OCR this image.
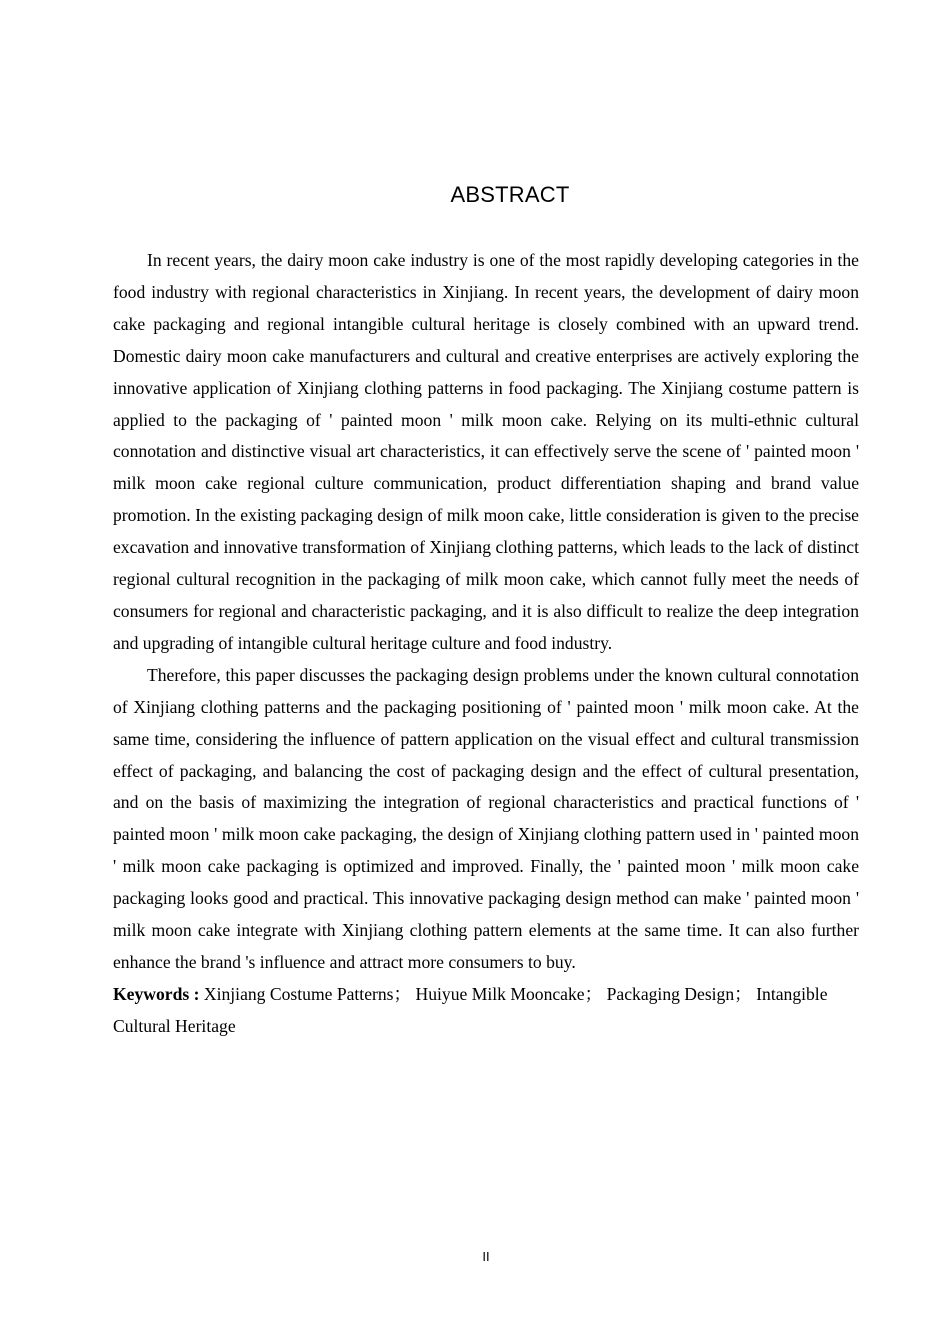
ABSTRACT

In recent years, the dairy moon cake industry is one of the most rapidly developing categories in the food industry with regional characteristics in Xinjiang. In recent years, the development of dairy moon cake packaging and regional intangible cultural heritage is closely combined with an upward trend. Domestic dairy moon cake manufacturers and cultural and creative enterprises are actively exploring the innovative application of Xinjiang clothing patterns in food packaging. The Xinjiang costume pattern is applied to the packaging of ' painted moon ' milk moon cake. Relying on its multi-ethnic cultural connotation and distinctive visual art characteristics, it can effectively serve the scene of ' painted moon ' milk moon cake regional culture communication, product differentiation shaping and brand value promotion. In the existing packaging design of milk moon cake, little consideration is given to the precise excavation and innovative transformation of Xinjiang clothing patterns, which leads to the lack of distinct regional cultural recognition in the packaging of milk moon cake, which cannot fully meet the needs of consumers for regional and characteristic packaging, and it is also difficult to realize the deep integration and upgrading of intangible cultural heritage culture and food industry.

Therefore, this paper discusses the packaging design problems under the known cultural connotation of Xinjiang clothing patterns and the packaging positioning of ' painted moon ' milk moon cake. At the same time, considering the influence of pattern application on the visual effect and cultural transmission effect of packaging, and balancing the cost of packaging design and the effect of cultural presentation, and on the basis of maximizing the integration of regional characteristics and practical functions of ' painted moon ' milk moon cake packaging, the design of Xinjiang clothing pattern used in ' painted moon ' milk moon cake packaging is optimized and improved. Finally, the ' painted moon ' milk moon cake packaging looks good and practical. This innovative packaging design method can make ' painted moon ' milk moon cake integrate with Xinjiang clothing pattern elements at the same time. It can also further enhance the brand 's influence and attract more consumers to buy.

Keywords : Xinjiang Costume Patterns； Huiyue Milk Mooncake； Packaging Design； Intangible Cultural Heritage

II
